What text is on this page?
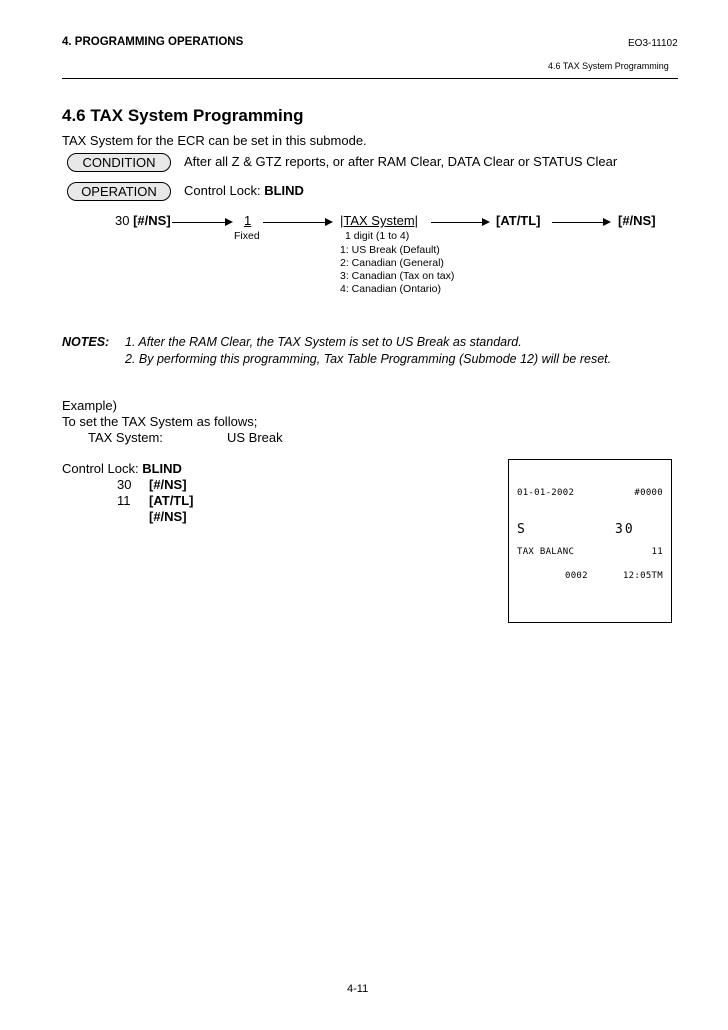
4. PROGRAMMING OPERATIONS	EO3-11102
4.6 TAX System Programming
4.6 TAX System Programming
TAX System for the ECR can be set in this submode.
CONDITION	After all Z & GTZ reports, or after RAM Clear, DATA Clear or STATUS Clear
OPERATION	Control Lock: BLIND
30 [#/NS]	1
Fixed
|TAX System|
1 digit (1 to 4)
1: US Break (Default)
2: Canadian (General)
3: Canadian (Tax on tax)
4: Canadian (Ontario)
[AT/TL]	[#/NS]
NOTES: 1. After the RAM Clear, the TAX System is set to US Break as standard.
2. By performing this programming, Tax Table Programming (Submode 12) will be reset.
Example)
To set the TAX System as follows;
TAX System:	US Break
Control Lock: BLIND
30 [#/NS]
11 [AT/TL]
[#/NS]
01-01-2002	#0000
S	30
TAX BALANC	11
0002	12:05TM
4-11
